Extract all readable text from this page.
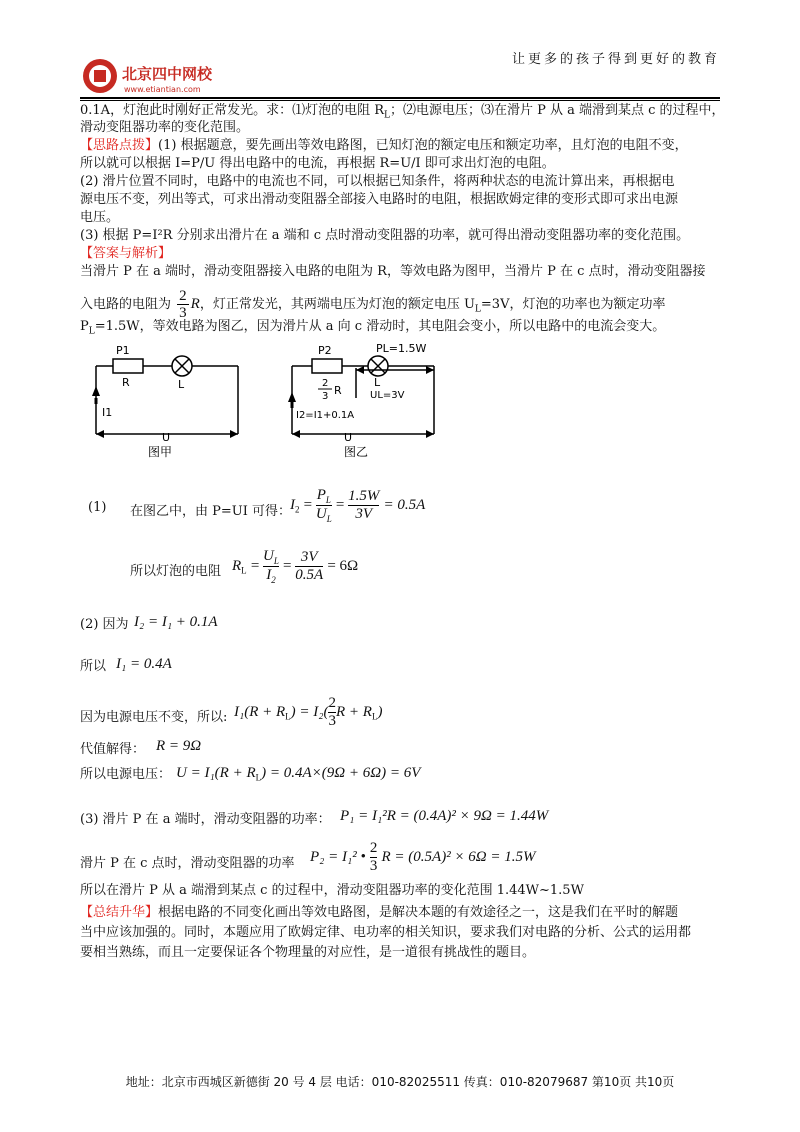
北京四中网校
www.etiantian.com
让更多的孩子得到更好的教育
0.1A，灯泡此时刚好正常发光。求：⑴灯泡的电阻 $R_L$；⑵电源电压；⑶在滑片 P 从 a 端滑到某点 c 的过程中，
滑动变阻器功率的变化范围。
【思路点拨】(1) 根据题意，要先画出等效电路图，已知灯泡的额定电压和额定功率，且灯泡的电阻不变，
所以就可以根据 I=P/U 得出电路中的电流，再根据 R=U/I 即可求出灯泡的电阻。
(2) 滑片位置不同时，电路中的电流也不同，可以根据已知条件，将两种状态的电流计算出来，再根据电
源电压不变，列出等式，可求出滑动变阻器全部接入电路时的电阻，根据欧姆定律的变形式即可求出电源
电压。
(3) 根据 P=I²R 分别求出滑片在 a 端和 c 点时滑动变阻器的功率，就可得出滑动变阻器功率的变化范围。
【答案与解析】
当滑片 P 在 a 端时，滑动变阻器接入电路的电阻为 R，等效电路为图甲，当滑片 P 在 c 点时，滑动变阻器接
入电路的电阻为 $\frac{2}{3}$ R，灯正常发光，其两端电压为灯泡的额定电压 $U_L=3V$，灯泡的功率也为额定功率
$P_L=1.5W$，等效电路为图乙，因为滑片从 a 向 c 滑动时，其电阻会变小，所以电路中的电流会变大。
P1
R	L
I1
U
图甲
P2	PL=1.5W
2
3 R
L
UL=3V
I2=I1+0.1A
U
图乙
(1) 在图乙中，由 P=UI 可得： $I_2 = \frac{P_L}{U_L} = \frac{1.5W}{3V} = 0.5A$
所以灯泡的电阻 $R_L = \frac{U_L}{I_2} = \frac{3V}{0.5A} = 6\Omega$
(2) 因为 I₂ = I₁ + 0.1A
所以 I₁ = 0.4A
因为电源电压不变，所以: $I_1(R + R_L) = I_2( \frac{2}{3}$ $R + R_L$)
代值解得： R = 9Ω
所以电源电压： $U = I_1(R + R_L) = 0.4A\times(9\Omega + 6\Omega) = 6V$
(3) 滑片 P 在 a 端时，滑动变阻器的功率： P₁ = I₁²R = (0.4A)² × 9Ω = 1.44W
滑片 P 在 c 点时，滑动变阻器的功率 P₂ = I₁² • $\frac{2}{3}$ R = (0.5A)² × 6Ω = 1.5W
所以在滑片 P 从 a 端滑到某点 c 的过程中，滑动变阻器功率的变化范围 1.44W~1.5W
【总结升华】根据电路的不同变化画出等效电路图，是解决本题的有效途径之一，这是我们在平时的解题
当中应该加强的。同时，本题应用了欧姆定律、电功率的相关知识，要求我们对电路的分析、公式的运用都
要相当熟练，而且一定要保证各个物理量的对应性，是一道很有挑战性的题目。
地址：北京市西城区新德街 20 号 4 层 电话：010-82025511 传真：010-82079687 第10页 共10页
